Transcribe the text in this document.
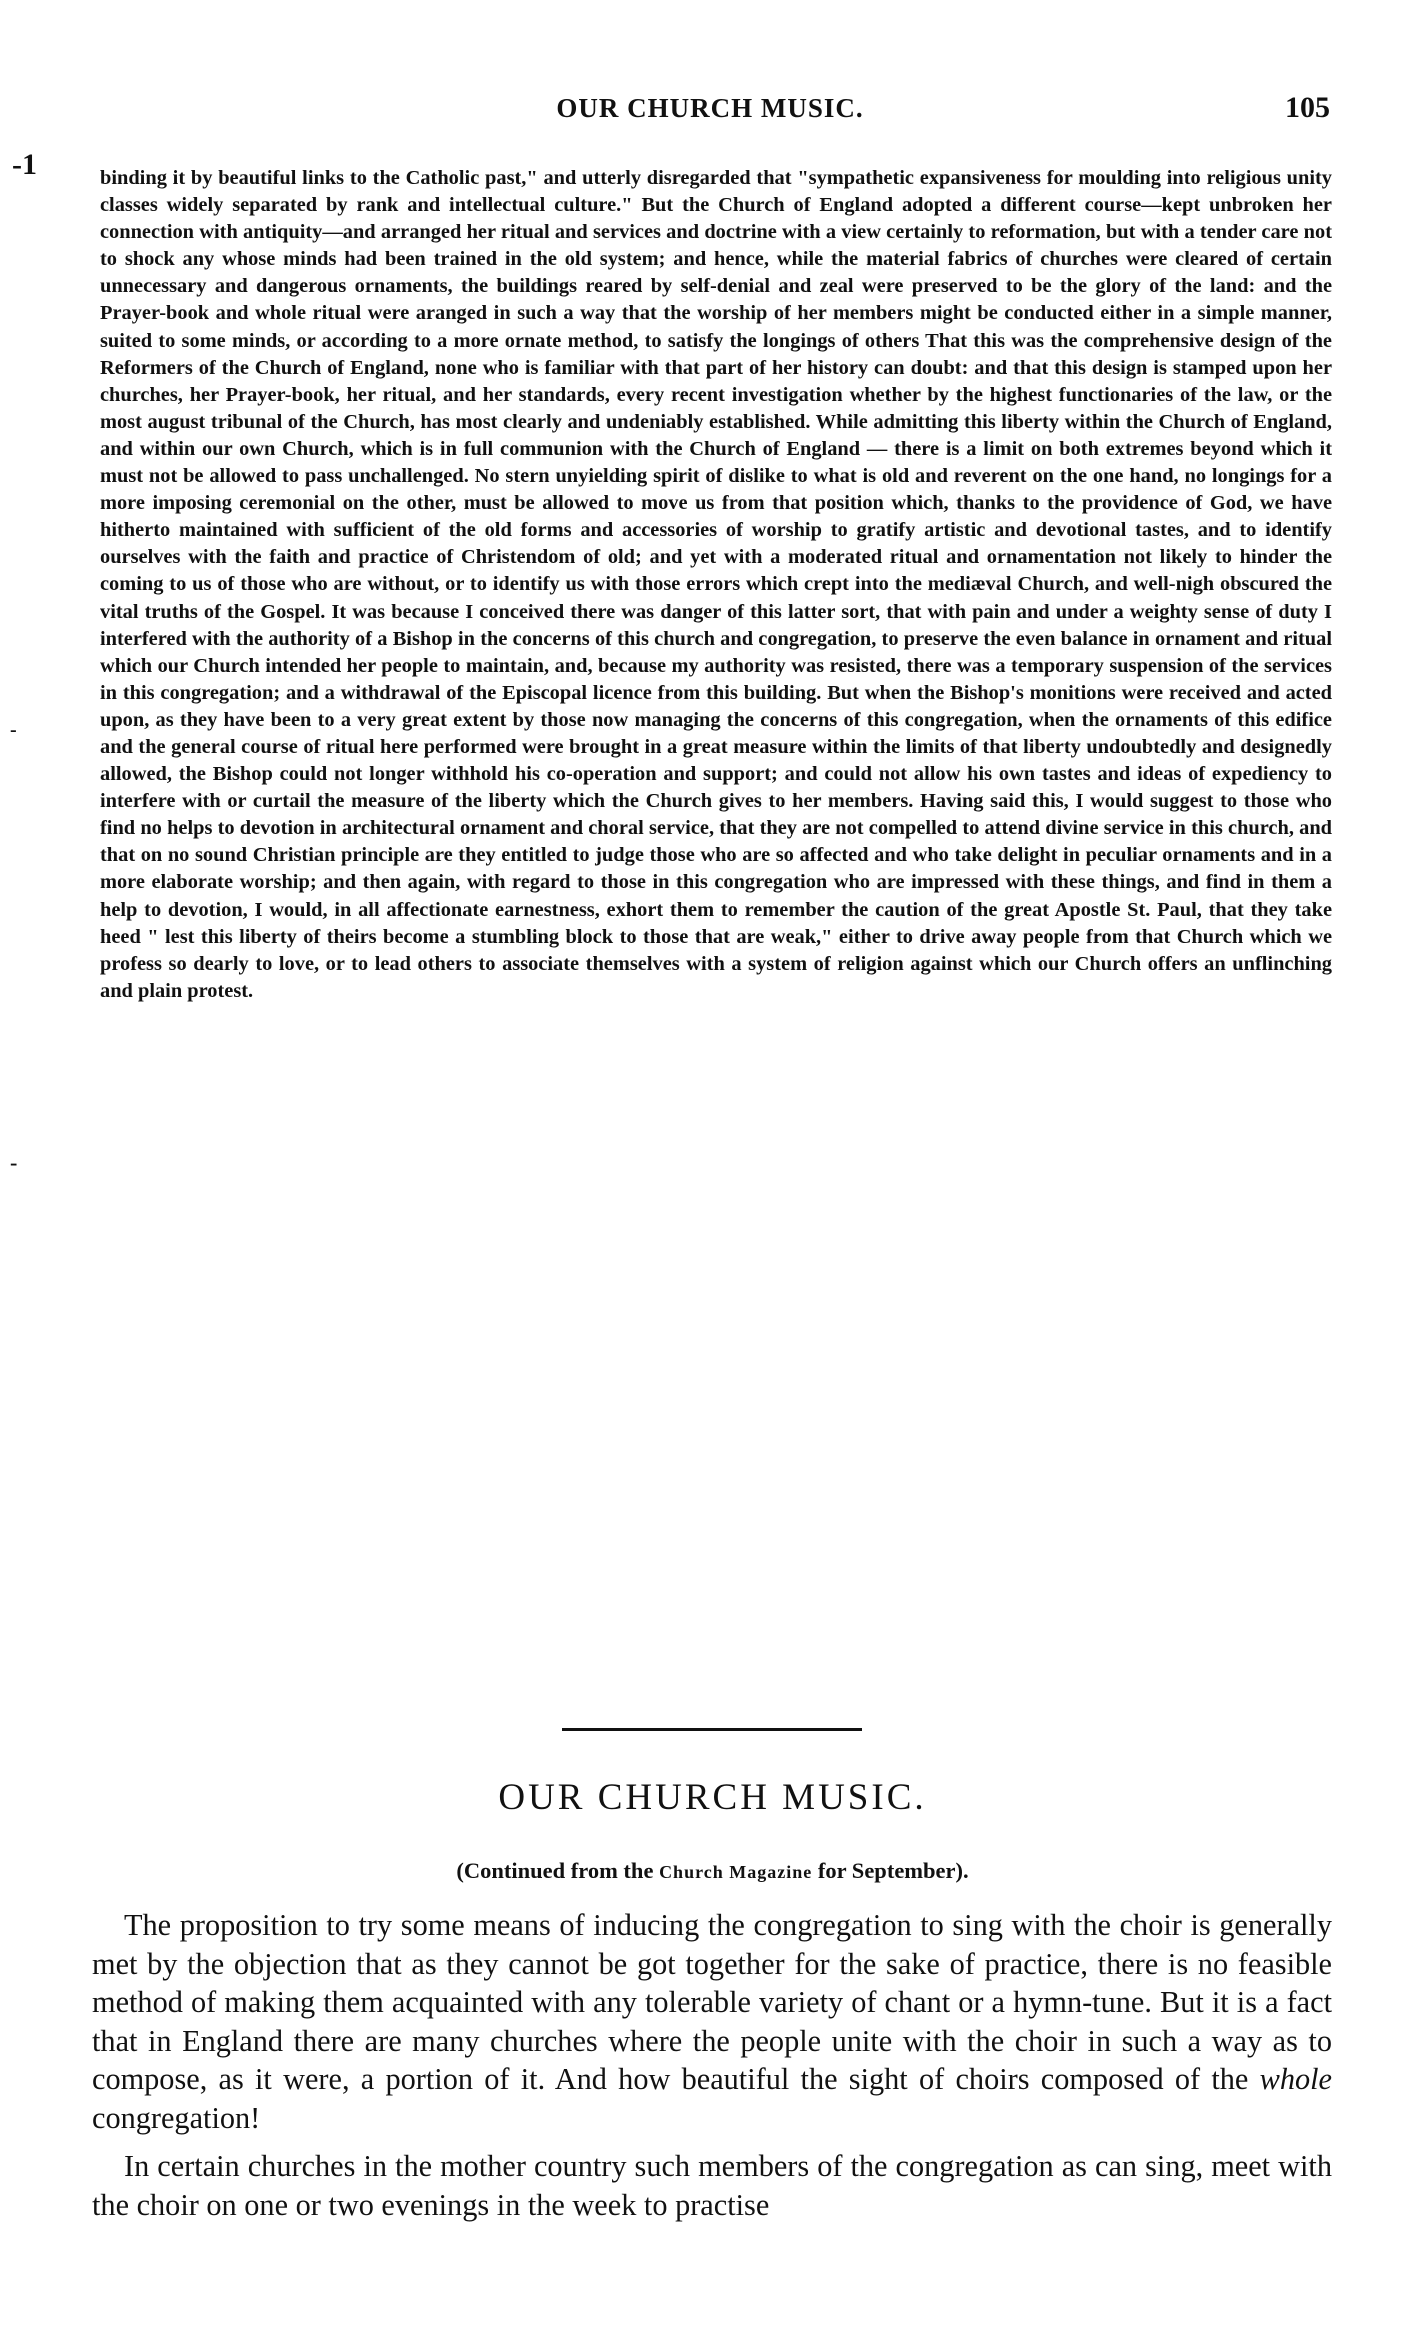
OUR CHURCH MUSIC.	105
-1
-
-

binding it by beautiful links to the Catholic past," and utterly disregarded that "sympathetic expansiveness for moulding into religious unity classes widely separated by rank and intellectual culture." But the Church of England adopted a different course—kept unbroken her connection with antiquity—and arranged her ritual and services and doctrine with a view certainly to reformation, but with a tender care not to shock any whose minds had been trained in the old system; and hence, while the material fabrics of churches were cleared of certain unnecessary and dangerous ornaments, the buildings reared by self-denial and zeal were preserved to be the glory of the land: and the Prayer-book and whole ritual were aranged in such a way that the worship of her members might be conducted either in a simple manner, suited to some minds, or according to a more ornate method, to satisfy the longings of others That this was the comprehensive design of the Reformers of the Church of England, none who is familiar with that part of her history can doubt: and that this design is stamped upon her churches, her Prayer-book, her ritual, and her standards, every recent investigation whether by the highest functionaries of the law, or the most august tribunal of the Church, has most clearly and undeniably established. While admitting this liberty within the Church of England, and within our own Church, which is in full communion with the Church of England — there is a limit on both extremes beyond which it must not be allowed to pass unchallenged. No stern unyielding spirit of dislike to what is old and reverent on the one hand, no longings for a more imposing ceremonial on the other, must be allowed to move us from that position which, thanks to the providence of God, we have hitherto maintained with sufficient of the old forms and accessories of worship to gratify artistic and devotional tastes, and to identify ourselves with the faith and practice of Christendom of old; and yet with a moderated ritual and ornamentation not likely to hinder the coming to us of those who are without, or to identify us with those errors which crept into the mediæval Church, and well-nigh obscured the vital truths of the Gospel. It was because I conceived there was danger of this latter sort, that with pain and under a weighty sense of duty I interfered with the authority of a Bishop in the concerns of this church and congregation, to preserve the even balance in ornament and ritual which our Church intended her people to maintain, and, because my authority was resisted, there was a temporary suspension of the services in this congregation; and a withdrawal of the Episcopal licence from this building. But when the Bishop's monitions were received and acted upon, as they have been to a very great extent by those now managing the concerns of this congregation, when the ornaments of this edifice and the general course of ritual here performed were brought in a great measure within the limits of that liberty undoubtedly and designedly allowed, the Bishop could not longer withhold his co-operation and support; and could not allow his own tastes and ideas of expediency to interfere with or curtail the measure of the liberty which the Church gives to her members. Having said this, I would suggest to those who find no helps to devotion in architectural ornament and choral service, that they are not compelled to attend divine service in this church, and that on no sound Christian principle are they entitled to judge those who are so affected and who take delight in peculiar ornaments and in a more elaborate worship; and then again, with regard to those in this congregation who are impressed with these things, and find in them a help to devotion, I would, in all affectionate earnestness, exhort them to remember the caution of the great Apostle St. Paul, that they take heed " lest this liberty of theirs become a stumbling block to those that are weak," either to drive away people from that Church which we profess so dearly to love, or to lead others to associate themselves with a system of religion against which our Church offers an unflinching and plain protest.

OUR CHURCH MUSIC.
(Continued from the Church Magazine for September).

The proposition to try some means of inducing the congregation to sing with the choir is generally met by the objection that as they cannot be got together for the sake of practice, there is no feasible method of making them acquainted with any tolerable variety of chant or a hymn-tune. But it is a fact that in England there are many churches where the people unite with the choir in such a way as to compose, as it were, a portion of it. And how beautiful the sight of choirs composed of the whole congregation!

In certain churches in the mother country such members of the congregation as can sing, meet with the choir on one or two evenings in the week to practise
